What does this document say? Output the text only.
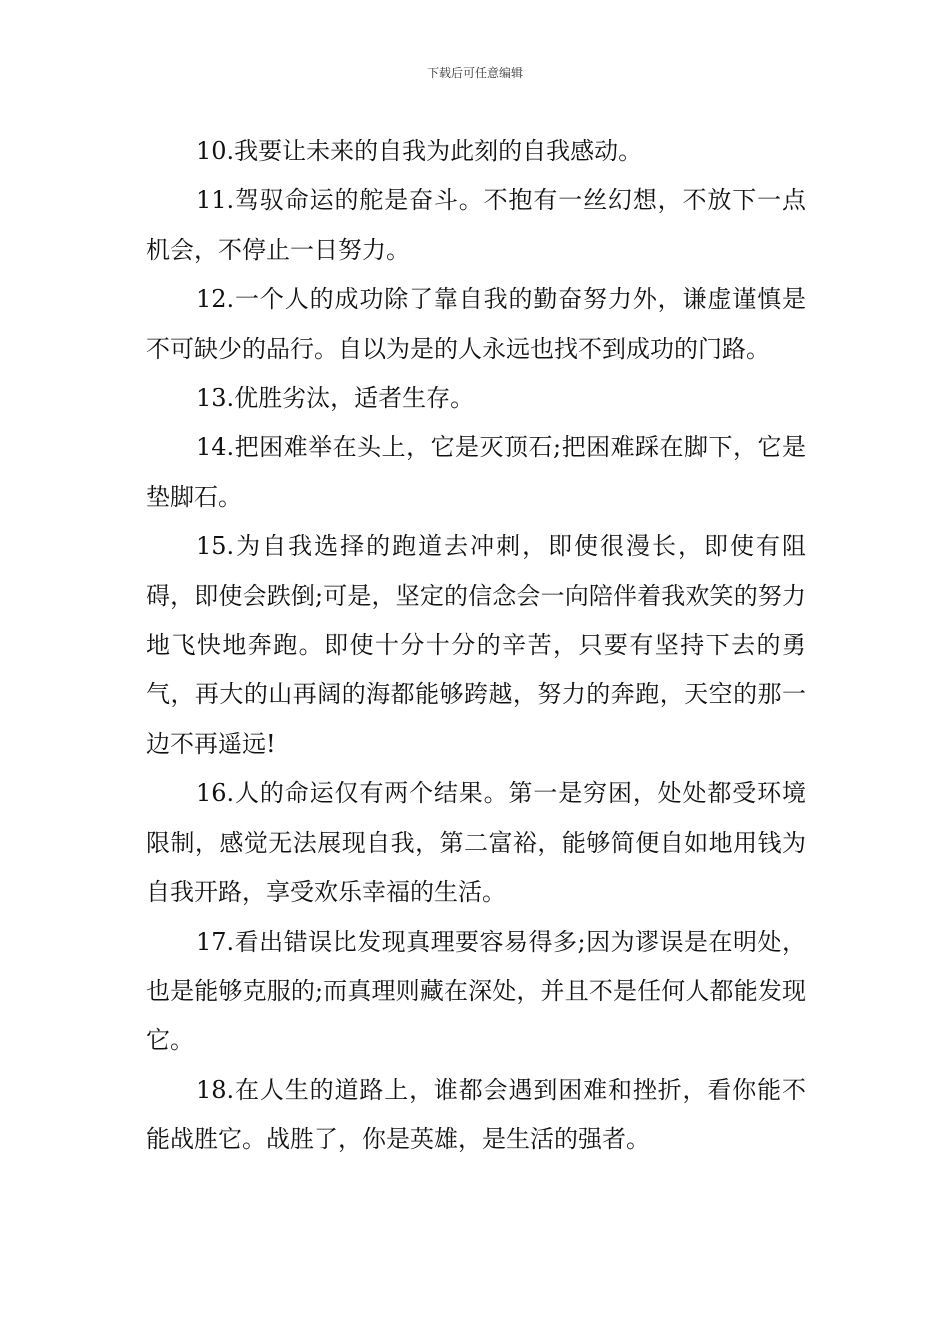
下载后可任意编辑

10.我要让未来的自我为此刻的自我感动。

11.驾驭命运的舵是奋斗。不抱有一丝幻想，不放下一点机会，不停止一日努力。

12.一个人的成功除了靠自我的勤奋努力外，谦虚谨慎是不可缺少的品行。自以为是的人永远也找不到成功的门路。

13.优胜劣汰，适者生存。

14.把困难举在头上，它是灭顶石;把困难踩在脚下，它是垫脚石。

15.为自我选择的跑道去冲刺，即使很漫长，即使有阻碍，即使会跌倒;可是，坚定的信念会一向陪伴着我欢笑的努力地飞快地奔跑。即使十分十分的辛苦，只要有坚持下去的勇气，再大的山再阔的海都能够跨越，努力的奔跑，天空的那一边不再遥远!

16.人的命运仅有两个结果。第一是穷困，处处都受环境限制，感觉无法展现自我，第二富裕，能够简便自如地用钱为自我开路，享受欢乐幸福的生活。

17.看出错误比发现真理要容易得多;因为谬误是在明处，也是能够克服的;而真理则藏在深处，并且不是任何人都能发现它。

18.在人生的道路上，谁都会遇到困难和挫折，看你能不能战胜它。战胜了，你是英雄，是生活的强者。
